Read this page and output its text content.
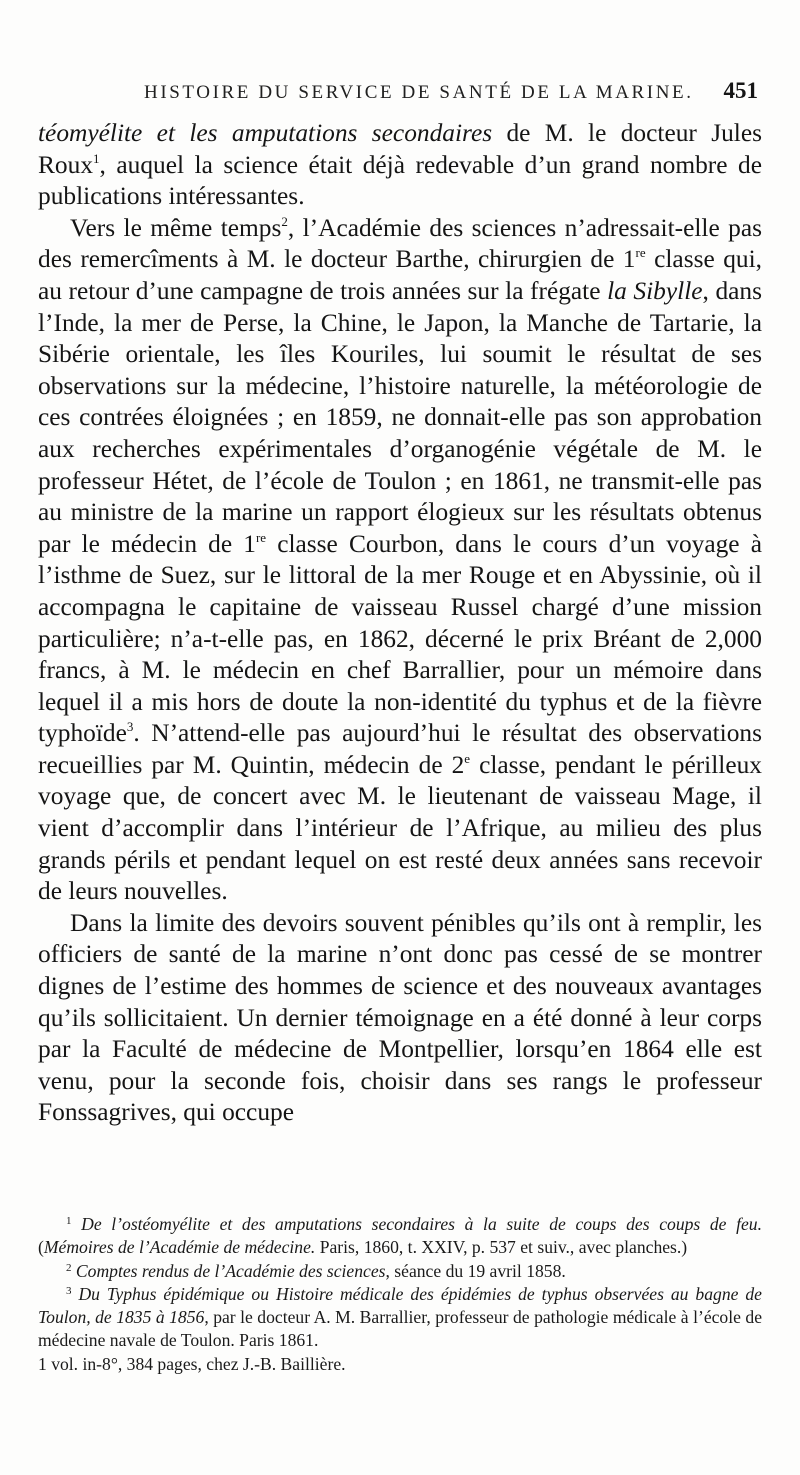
HISTOIRE DU SERVICE DE SANTÉ DE LA MARINE. 451

téomyélite et les amputations secondaires de M. le docteur Jules Roux$^1$, auquel la science était déjà redevable d’un grand nombre de publications intéressantes.

Vers le même temps$^2$, l’Académie des sciences n’adressait-elle pas des remercîments à M. le docteur Barthe, chirurgien de 1re classe qui, au retour d’une campagne de trois années sur la frégate la Sibylle, dans l’Inde, la mer de Perse, la Chine, le Japon, la Manche de Tartarie, la Sibérie orientale, les îles Kouriles, lui soumit le résultat de ses observations sur la médecine, l’histoire naturelle, la météorologie de ces contrées éloignées ; en 1859, ne donnait-elle pas son approbation aux recherches expérimentales d’organogénie végétale de M. le professeur Hétet, de l’école de Toulon ; en 1861, ne transmit-elle pas au ministre de la marine un rapport élogieux sur les résultats obtenus par le médecin de 1re classe Courbon, dans le cours d’un voyage à l’isthme de Suez, sur le littoral de la mer Rouge et en Abyssinie, où il accompagna le capitaine de vaisseau Russel chargé d’une mission particulière; n’a-t-elle pas, en 1862, décerné le prix Bréant de 2,000 francs, à M. le médecin en chef Barrallier, pour un mémoire dans lequel il a mis hors de doute la non-identité du typhus et de la fièvre typhoïde$^3$. N’attend-elle pas aujourd’hui le résultat des observations recueillies par M. Quintin, médecin de 2e classe, pendant le périlleux voyage que, de concert avec M. le lieutenant de vaisseau Mage, il vient d’accomplir dans l’intérieur de l’Afrique, au milieu des plus grands périls et pendant lequel on est resté deux années sans recevoir de leurs nouvelles.

Dans la limite des devoirs souvent pénibles qu’ils ont à remplir, les officiers de santé de la marine n’ont donc pas cessé de se montrer dignes de l’estime des hommes de science et des nouveaux avantages qu’ils sollicitaient. Un dernier témoignage en a été donné à leur corps par la Faculté de médecine de Montpellier, lorsqu’en 1864 elle est venu, pour la seconde fois, choisir dans ses rangs le professeur Fonssagrives, qui occupe

$^1$ De l’ostéomyélite et des amputations secondaires à la suite de coups des coups de feu. (Mémoires de l’Académie de médecine. Paris, 1860, t. XXIV, p. 537 et suiv., avec planches.)

$^2$ Comptes rendus de l’Académie des sciences, séance du 19 avril 1858.

$^3$ Du Typhus épidémique ou Histoire médicale des épidémies de typhus observées au bagne de Toulon, de 1835 à 1856, par le docteur A. M. Barrallier, professeur de pathologie médicale à l’école de médecine navale de Toulon. Paris 1861.

1 vol. in-8°, 384 pages, chez J.-B. Baillière.
